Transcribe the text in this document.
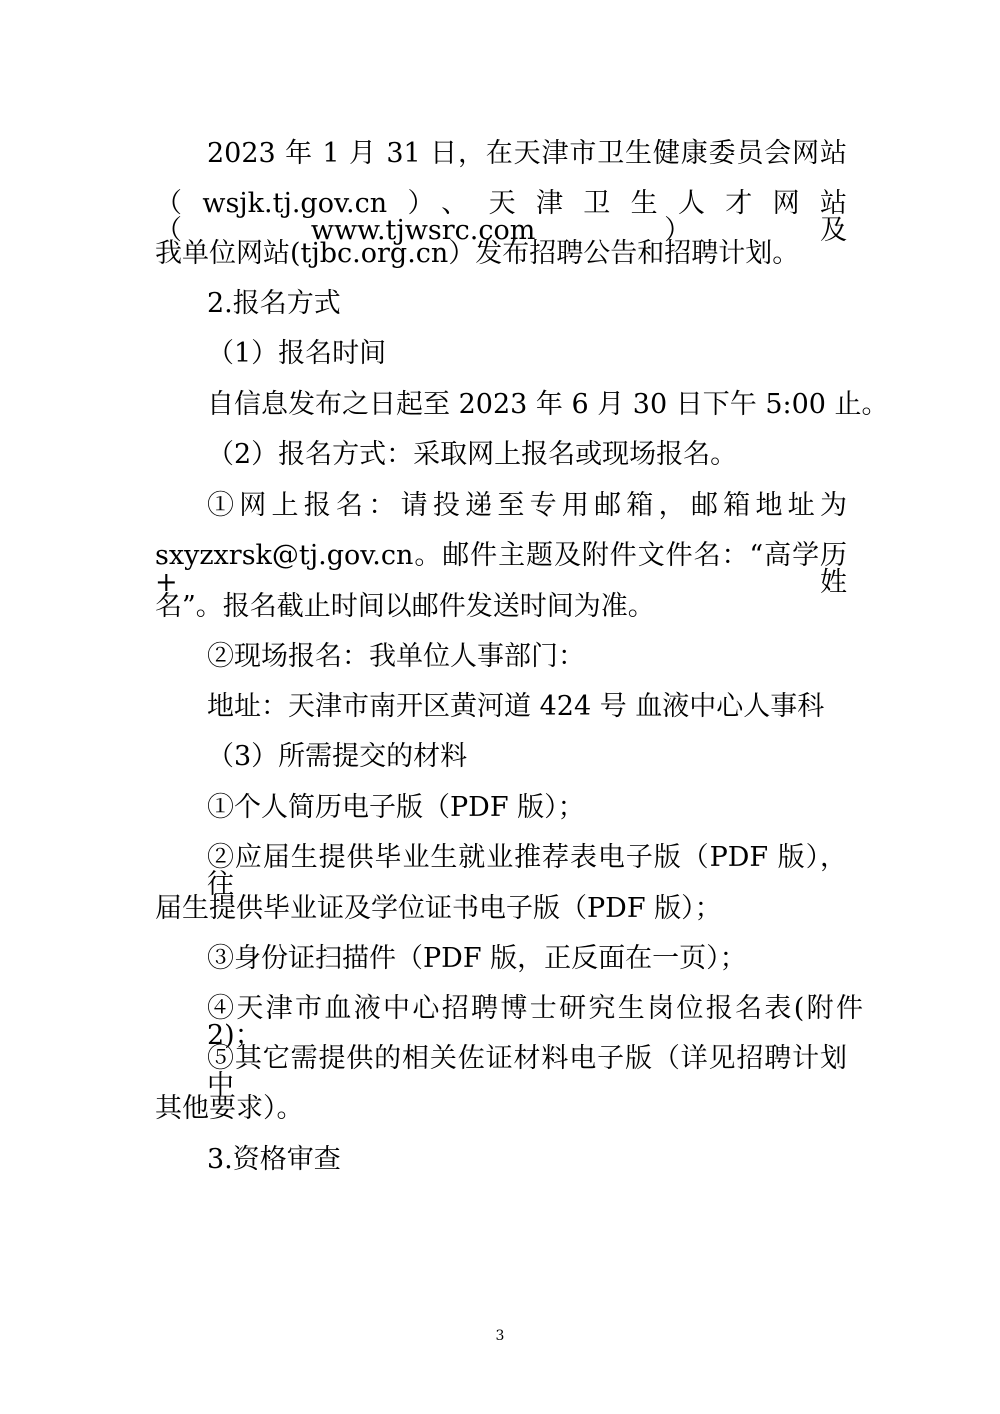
2023 年 1 月 31 日，在天津市卫生健康委员会网站
（wsjk.tj.gov.cn）、天津卫生人才网站（www.tjwsrc.com）及
我单位网站(tjbc.org.cn）发布招聘公告和招聘计划。
2.报名方式
（1）报名时间
自信息发布之日起至 2023 年 6 月 30 日下午 5:00 止。
（2）报名方式：采取网上报名或现场报名。
①网上报名：请投递至专用邮箱，邮箱地址为
sxyzxrsk@tj.gov.cn。邮件主题及附件文件名：“高学历+姓
名”。报名截止时间以邮件发送时间为准。
②现场报名：我单位人事部门：
地址：天津市南开区黄河道 424 号 血液中心人事科
（3）所需提交的材料
①个人简历电子版（PDF 版）；
②应届生提供毕业生就业推荐表电子版（PDF 版），往
届生提供毕业证及学位证书电子版（PDF 版）；
③身份证扫描件（PDF 版，正反面在一页）；
④天津市血液中心招聘博士研究生岗位报名表(附件 2)；
⑤其它需提供的相关佐证材料电子版（详见招聘计划中
其他要求）。
3.资格审查
3
